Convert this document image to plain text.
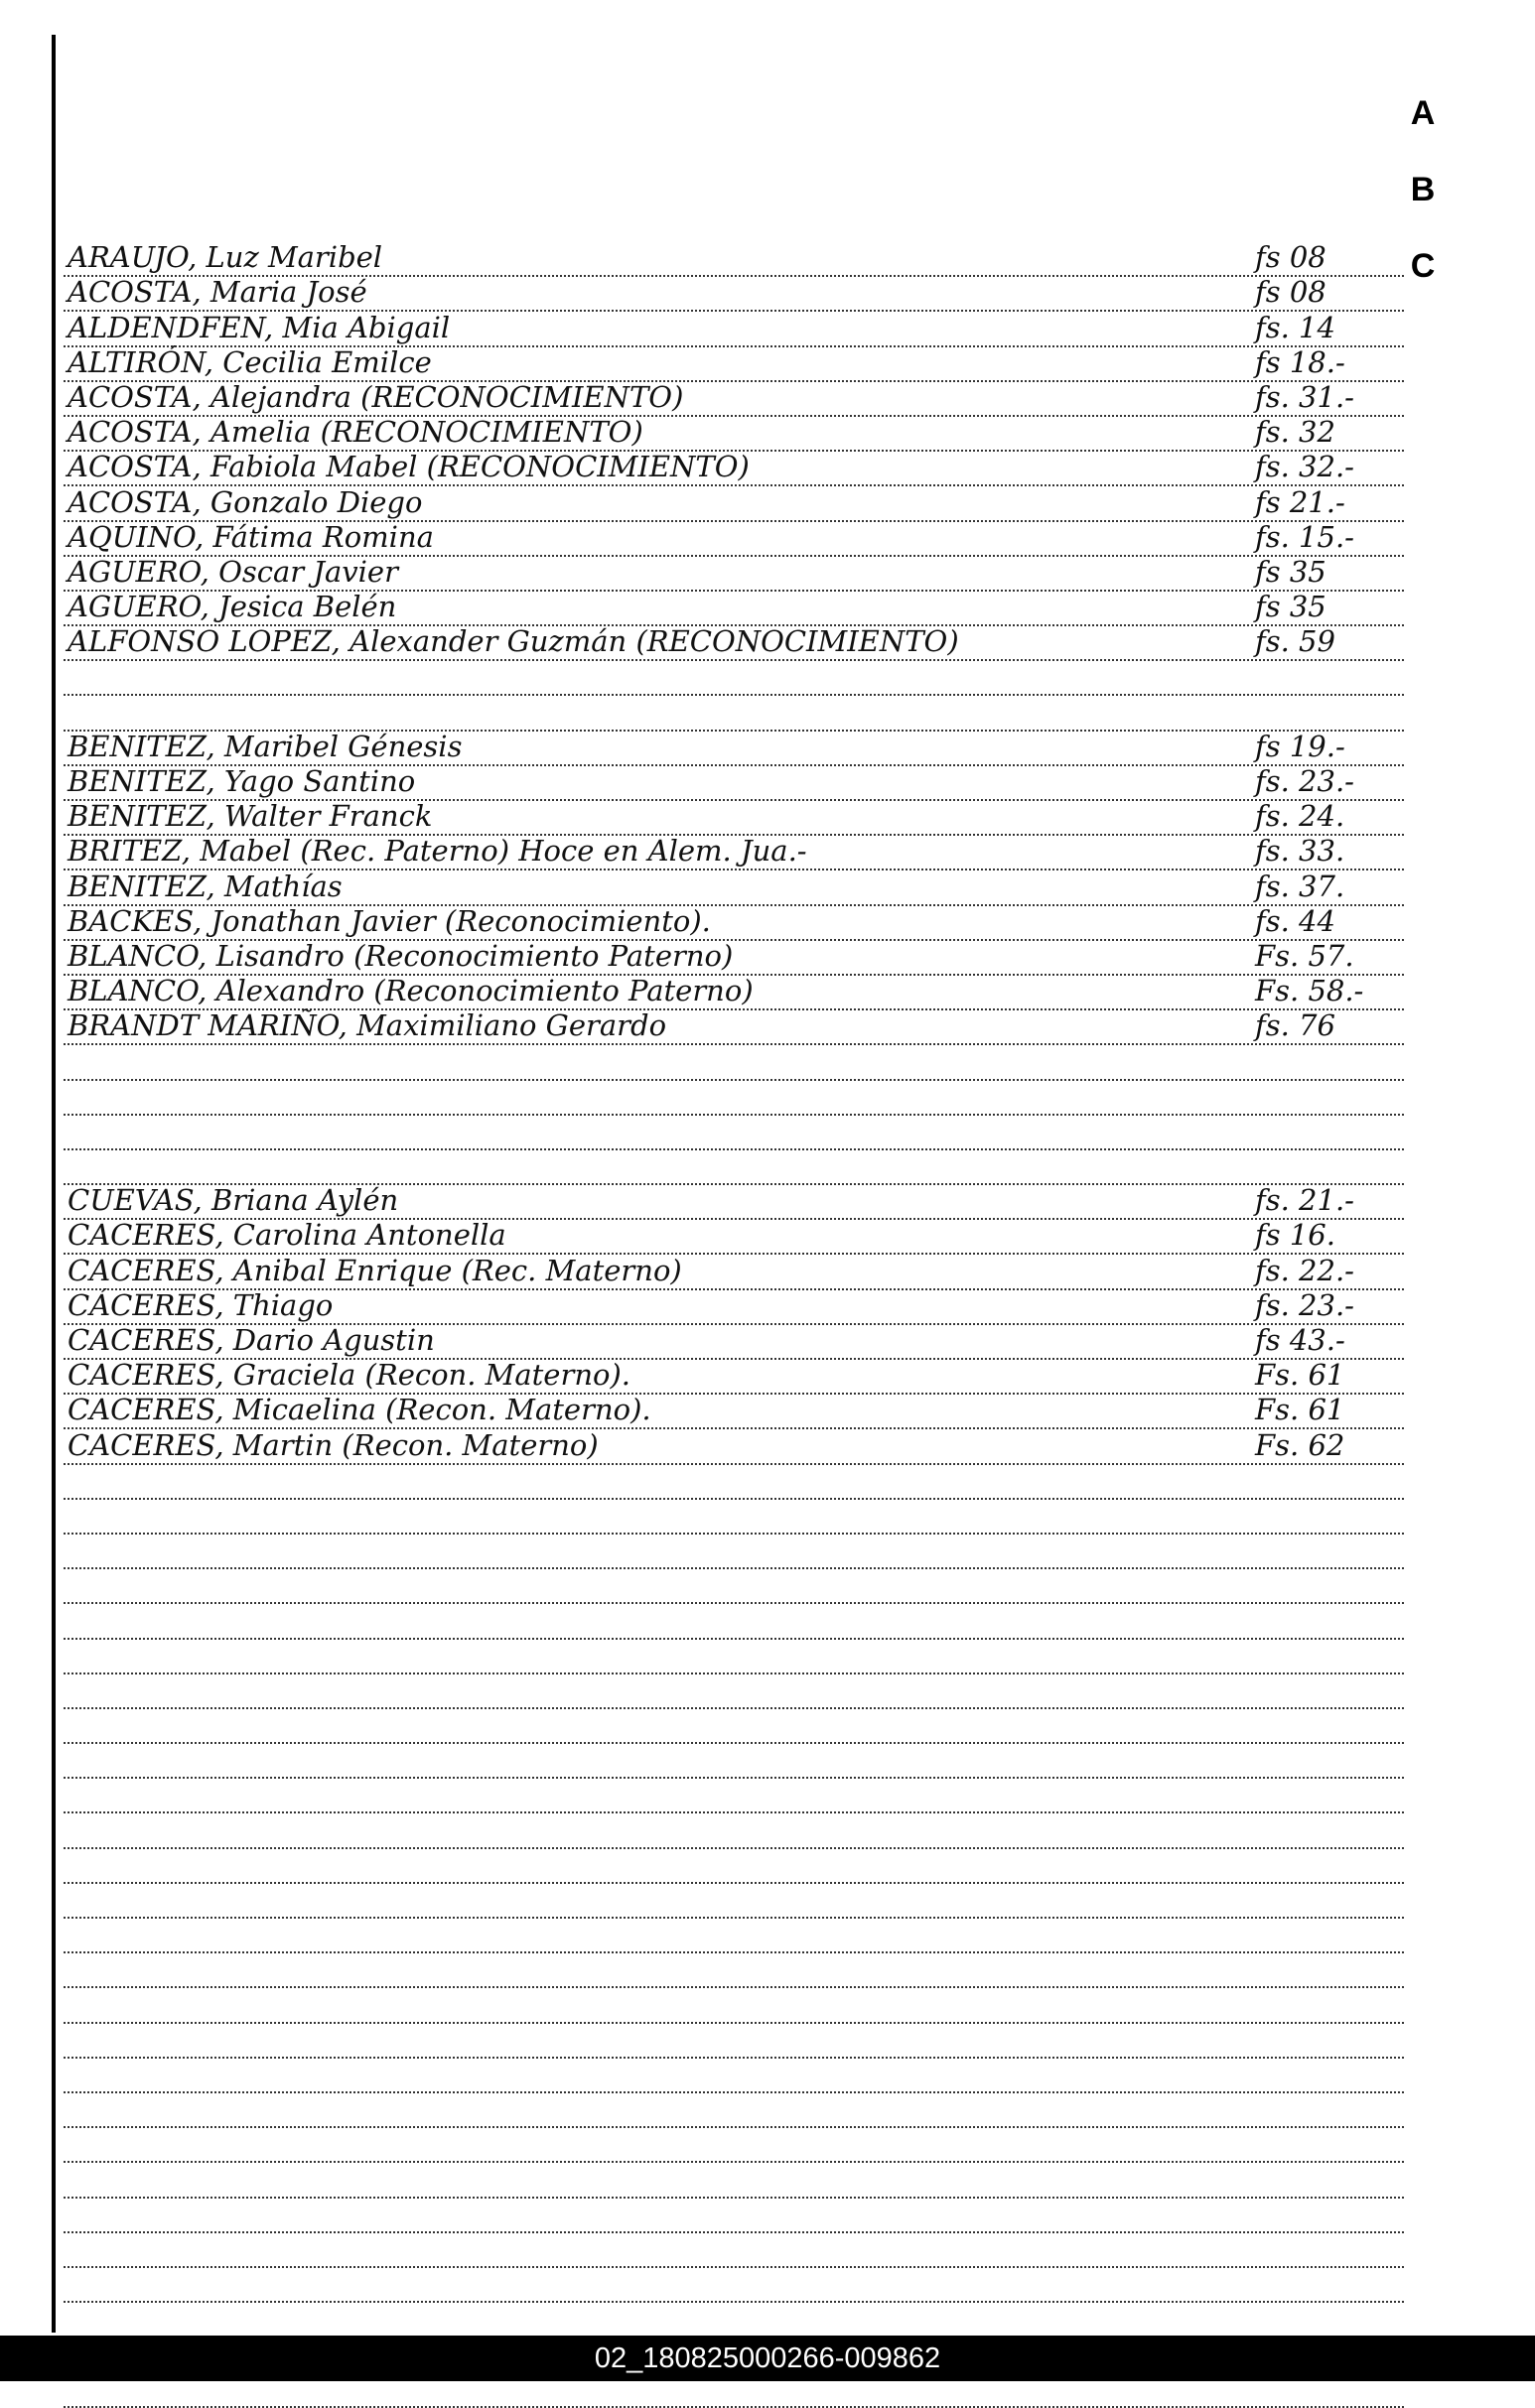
A
B
C
ARAUJO, Luz Maribel	fs 08
ACOSTA, Maria José	fs 08
ALDENDFEN, Mia Abigail	fs. 14
ALTIRÓN, Cecilia Emilce	fs 18.-
ACOSTA, Alejandra (RECONOCIMIENTO)	fs. 31.-
ACOSTA, Amelia (RECONOCIMIENTO)	fs. 32
ACOSTA, Fabiola Mabel (RECONOCIMIENTO)	fs. 32.-
ACOSTA, Gonzalo Diego	fs 21.-
AQUINO, Fátima Romina	fs. 15.-
AGUERO, Oscar Javier	fs 35
AGUERO, Jesica Belén	fs 35
ALFONSO LOPEZ, Alexander Guzmán (RECONOCIMIENTO)	fs. 59
BENITEZ, Maribel Génesis	fs 19.-
BENITEZ, Yago Santino	fs. 23.-
BENITEZ, Walter Franck	fs. 24.
BRITEZ, Mabel (Rec. Paterno) Hoce en Alem. Jua.-	fs. 33.
BENITEZ, Mathías	fs. 37.
BACKES, Jonathan Javier (Reconocimiento).	fs. 44
BLANCO, Lisandro (Reconocimiento Paterno)	Fs. 57.
BLANCO, Alexandro (Reconocimiento Paterno)	Fs. 58.-
BRANDT MARIÑO, Maximiliano Gerardo	fs. 76
CUEVAS, Briana Aylén	fs. 21.-
CACERES, Carolina Antonella	fs 16.
CACERES, Anibal Enrique (Rec. Materno)	fs. 22.-
CÁCERES, Thiago	fs. 23.-
CACERES, Dario Agustin	fs 43.-
CACERES, Graciela (Recon. Materno).	Fs. 61
CACERES, Micaelina (Recon. Materno).	Fs. 61
CACERES, Martin (Recon. Materno)	Fs. 62
02_180825000266-009862
